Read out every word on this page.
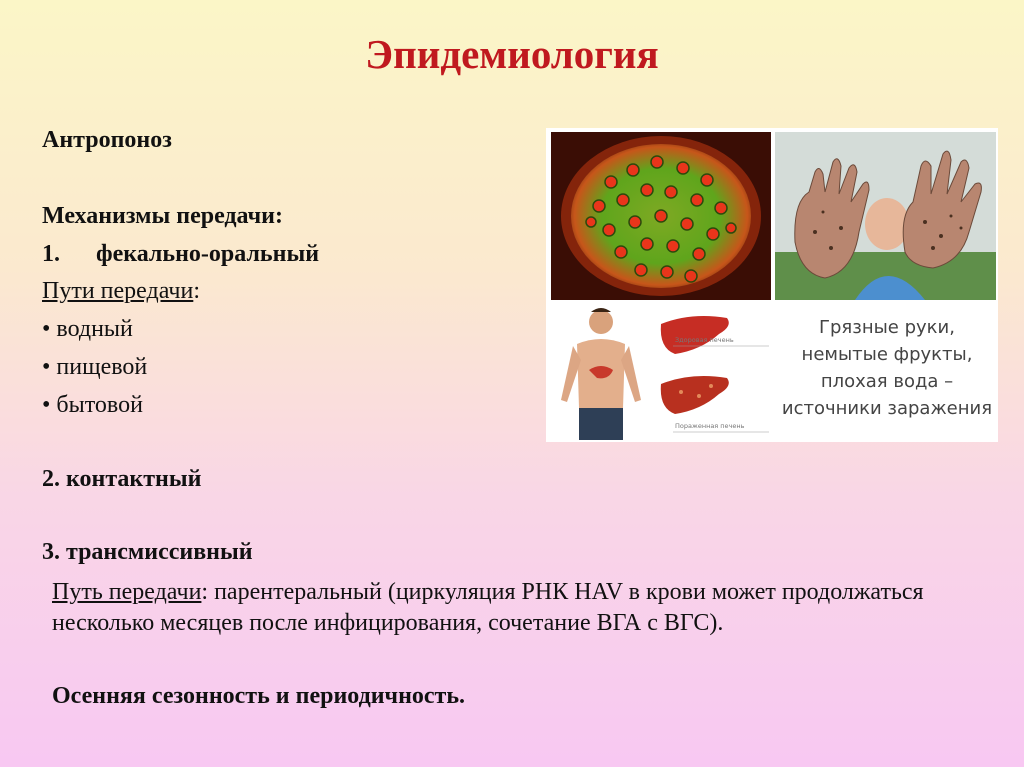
Эпидемиология
Антропоноз
Механизмы передачи:
1. фекально-оральный
Пути передачи:
• водный
• пищевой
• бытовой
2. контактный
3. трансмиссивный
Путь передачи: парентеральный (циркуляция РНК HAV в крови может продолжаться несколько месяцев после инфицирования, сочетание ВГА с ВГС).
Осенняя сезонность и периодичность.
Здоровая печень
Пораженная печень
Грязные руки,
немытые фрукты,
плохая вода –
источники заражения
